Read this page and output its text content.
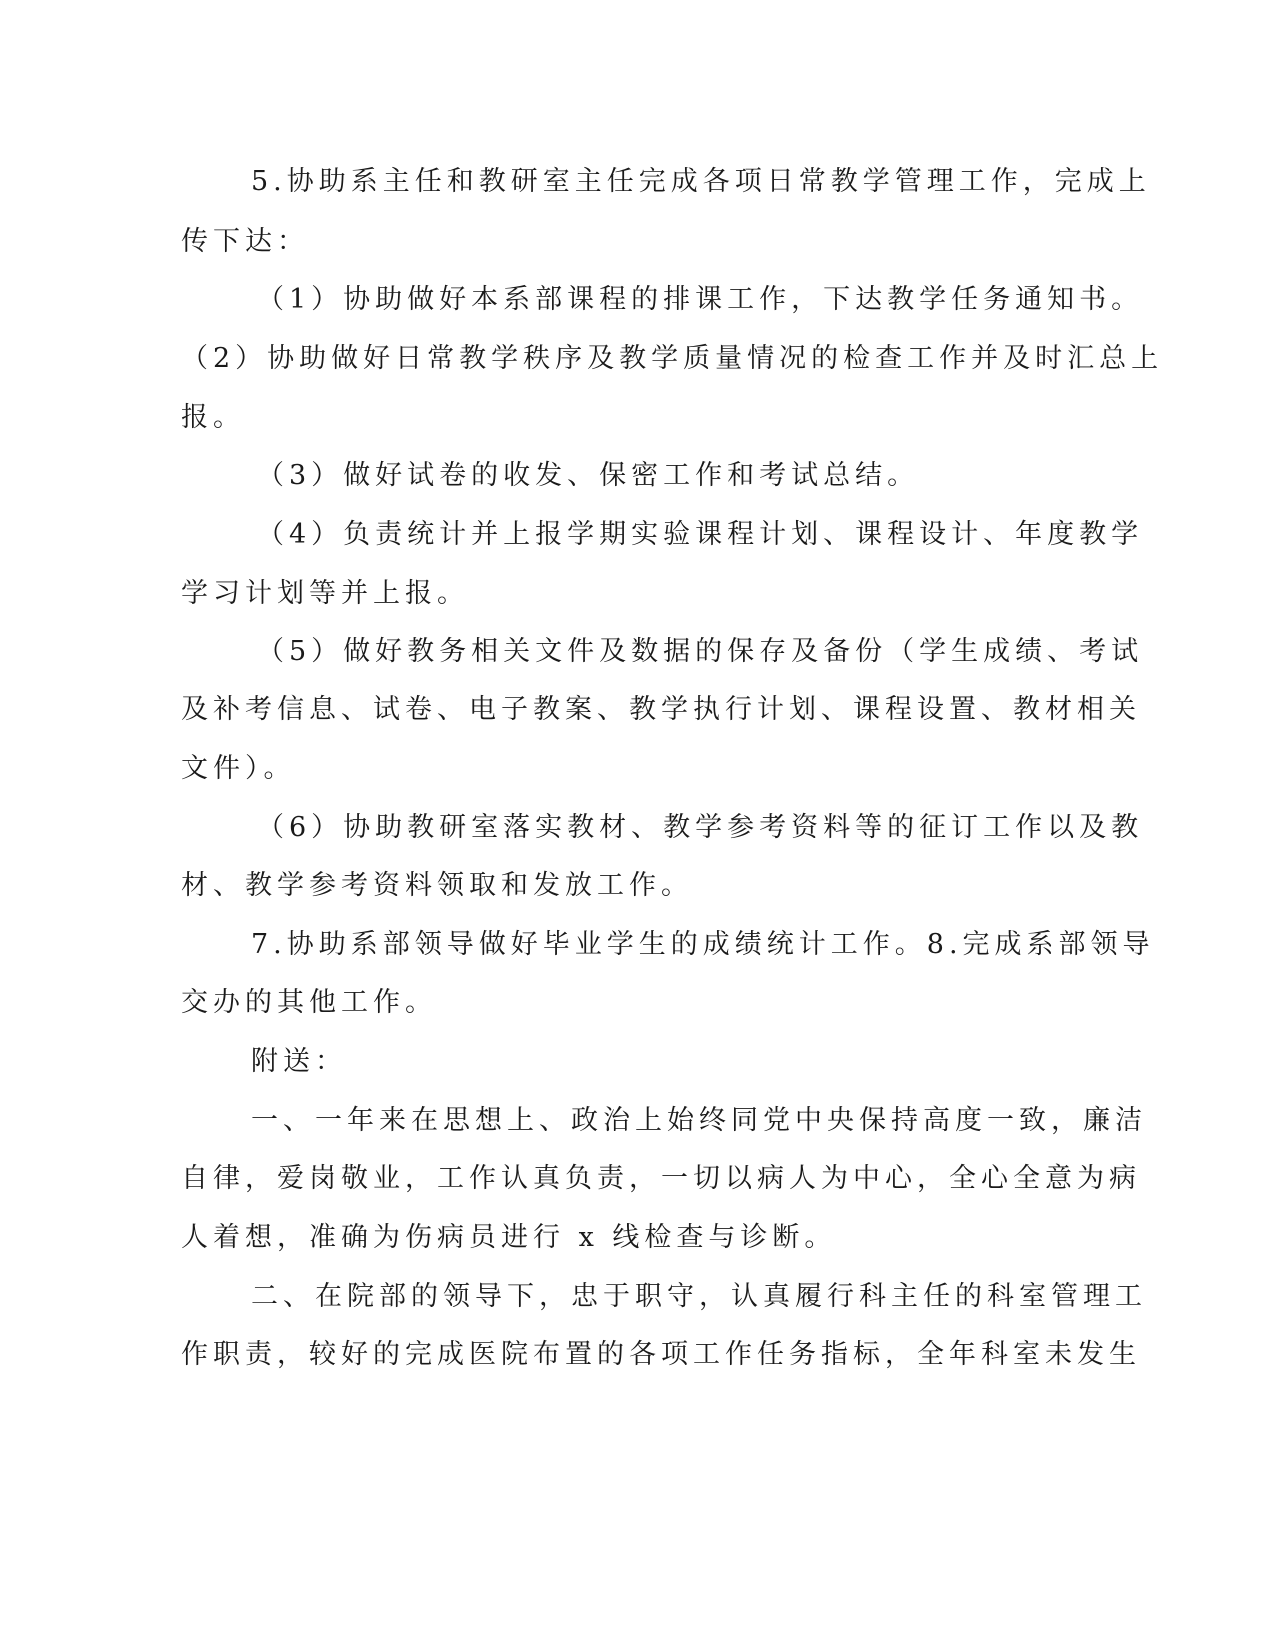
5.协助系主任和教研室主任完成各项日常教学管理工作，完成上
传下达：
（1）协助做好本系部课程的排课工作，下达教学任务通知书。
（2）协助做好日常教学秩序及教学质量情况的检查工作并及时汇总上
报。
（3）做好试卷的收发、保密工作和考试总结。
（4）负责统计并上报学期实验课程计划、课程设计、年度教学
学习计划等并上报。
（5）做好教务相关文件及数据的保存及备份（学生成绩、考试
及补考信息、试卷、电子教案、教学执行计划、课程设置、教材相关
文件）。
（6）协助教研室落实教材、教学参考资料等的征订工作以及教
材、教学参考资料领取和发放工作。
7.协助系部领导做好毕业学生的成绩统计工作。8.完成系部领导
交办的其他工作。
附送：
一、一年来在思想上、政治上始终同党中央保持高度一致，廉洁
自律，爱岗敬业，工作认真负责，一切以病人为中心，全心全意为病
人着想，准确为伤病员进行 x 线检查与诊断。
二、在院部的领导下，忠于职守，认真履行科主任的科室管理工
作职责，较好的完成医院布置的各项工作任务指标，全年科室未发生
